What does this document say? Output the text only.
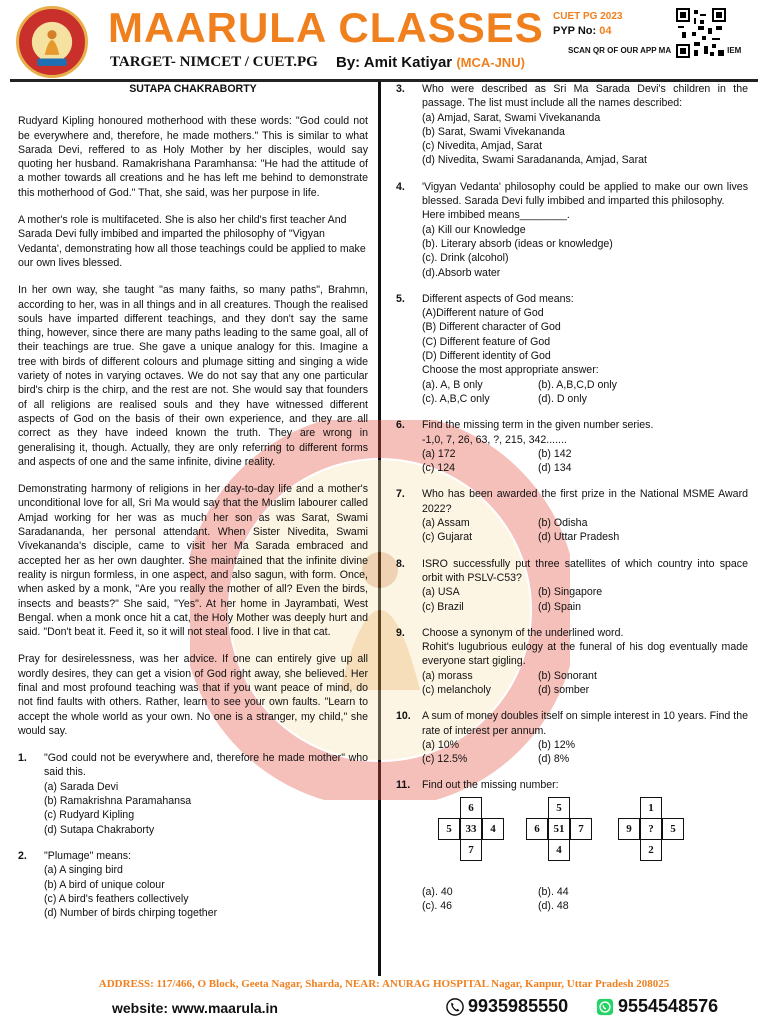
MAARULA CLASSES
TARGET- NIMCET / CUET.PG By: Amit Katiyar (MCA-JNU)
CUET PG 2023
PYP No: 04
SCAN QR OF OUR APP MA	IEM
SUTAPA CHAKRABORTY

Rudyard Kipling honoured motherhood with these words: "God could not be everywhere and, therefore, he made mothers." This is similar to what Sarada Devi, reffered to as Holy Mother by her disciples, would say quoting her husband. Ramakrishana Paramhansa: "He had the attitude of a mother towards all creations and he has left me behind to demonstrate this motherhood of God." That, she said, was her purpose in life.

A mother's role is multifaceted. She is also her child's first teacher And Sarada Devi fully imbibed and imparted the philosophy of "Vigyan Vedanta', demonstrating how all those teachings could be applied to make our own lives blessed.

In her own way, she taught "as many faiths, so many paths", Brahmn, according to her, was in all things and in all creatures. Though the realised souls have imparted different teachings, and they don't say the same thing, however, since there are many paths leading to the same goal, all of their teachings are true. She gave a unique analogy for this. Imagine a tree with birds of different colours and plumage sitting and singing a wide variety of notes in varying octaves. We do not say that any one particular bird's chirp is the chirp, and the rest are not. She would say that founders of all religions are realised souls and they have witnessed different aspects of God on the basis of their own experience, and they are all correct as they have indeed known the truth. They are wrong in generalising it, though. Actually, they are only referring to different forms and aspects of one and the same infinite, divine reality.

Demonstrating harmony of religions in her day-to-day life and a mother's unconditional love for all, Sri Ma would say that the Muslim labourer called Amjad working for her was as much her son as was Sarat, Swami Saradananda, her personal attendant. When Sister Nivedita, Swami Vivekananda's disciple, came to visit her Ma Sarada embraced and accepted her as her own daughter. She maintained that the infinite divine reality is nirgun formless, in one aspect, and also sagun, with form. Once, when asked by a monk, "Are you really the mother of all? Even the birds, insects and beasts?" She said, "Yes". At her home in Jayrambati, West Bengal. when a monk once hit a cat, the Holy Mother was deeply hurt and said. "Don't beat it. Feed it, so it will not steal food. I live in that cat.

Pray for desirelessness, was her advice. If one can entirely give up all wordly desires, they can get a vision of God right away, she believed. Her final and most profound teaching was that if you want peace of mind, do not find faults with others. Rather, learn to see your own faults. "Learn to accept the whole world as your own. No one is a stranger, my child," she would say.

1. "God could not be everywhere and, therefore he made mother" who said this.
(a) Sarada Devi
(b) Ramakrishna Paramahansa
(c) Rudyard Kipling
(d) Sutapa Chakraborty
2. "Plumage" means:
(a) A singing bird
(b) A bird of unique colour
(c) A bird's feathers collectively
(d) Number of birds chirping together
3. Who were described as Sri Ma Sarada Devi's children in the passage. The list must include all the names described:
(a) Amjad, Sarat, Swami Vivekananda
(b) Sarat, Swami Vivekananda
(c) Nivedita, Amjad, Sarat
(d) Nivedita, Swami Saradananda, Amjad, Sarat
4. 'Vigyan Vedanta' philosophy could be applied to make our own lives blessed. Sarada Devi fully imbibed and imparted this philosophy.
Here imbibed means________.
(a) Kill our Knowledge
(b). Literary absorb (ideas or knowledge)
(c). Drink (alcohol)
(d).Absorb water
5. Different aspects of God means:
(A)Different nature of God
(B) Different character of God
(C) Different feature of God
(D) Different identity of God
Choose the most appropriate answer:
(a). A, B only	(b). A,B,C,D only
(c). A,B,C only	(d). D only
6. Find the missing term in the given number series.
-1,0, 7, 26, 63, ?, 215, 342.......
(a) 172	(b) 142
(c) 124	(d) 134
7. Who has been awarded the first prize in the National MSME Award 2022?
(a) Assam	(b) Odisha
(c) Gujarat	(d) Uttar Pradesh
8. ISRO successfully put three satellites of which country into space orbit with PSLV-C53?
(a) USA	(b) Singapore
(c) Brazil	(d) Spain
9. Choose a synonym of the underlined word.
Rohit's lugubrious eulogy at the funeral of his dog eventually made everyone start gigling.
(a) morass	(b) Sonorant
(c) melancholy	(d) somber
10. A sum of money doubles itself on simple interest in 10 years. Find the rate of interest per annum.
(a) 10%	(b) 12%
(c) 12.5%	(d) 8%
11. Find out the missing number:
6
5	33	4
7
5
6	51	7
4
1
9	?	5
2
(a). 40	(b). 44
(c). 46	(d). 48
ADDRESS: 117/466, O Block, Geeta Nagar, Sharda, NEAR: ANURAG HOSPITAL Nagar, Kanpur, Uttar Pradesh 208025
website: www.maarula.in	9935985550	9554548576
